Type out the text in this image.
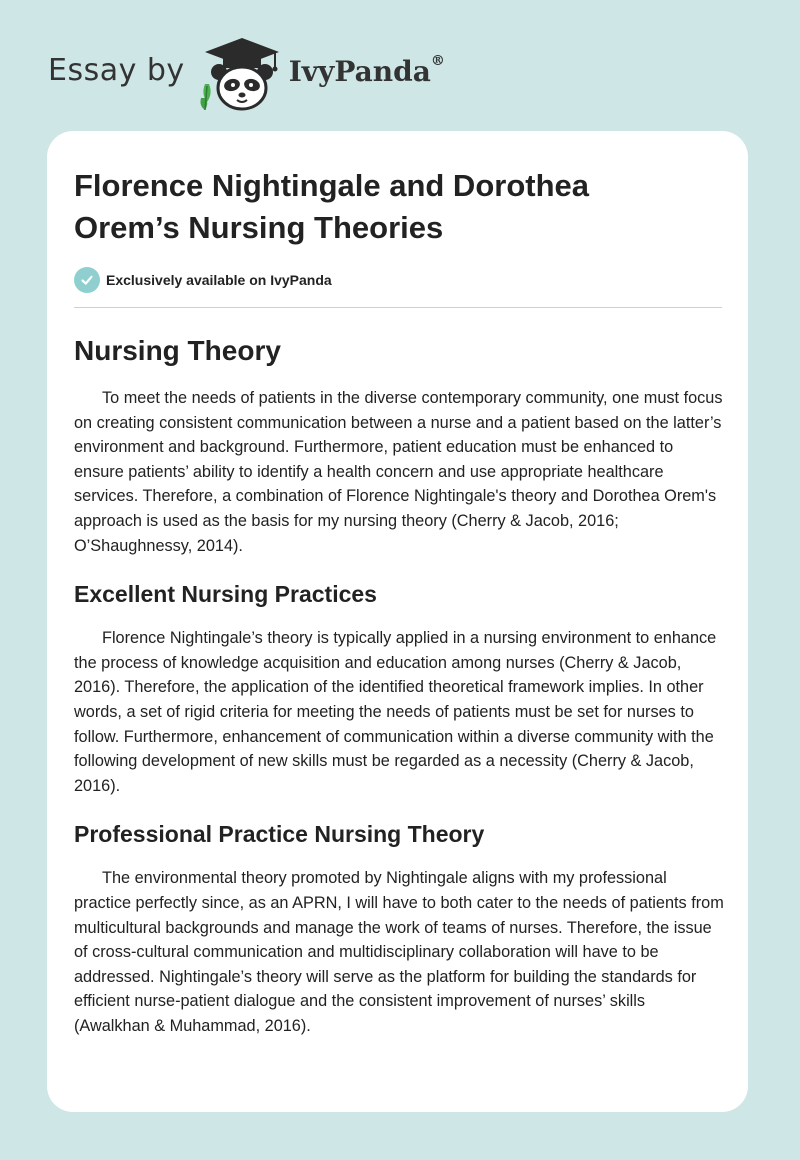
Essay by	IvyPanda®
Florence Nightingale and Dorothea Orem’s Nursing Theories
Exclusively available on IvyPanda
Nursing Theory

To meet the needs of patients in the diverse contemporary community, one must focus on creating consistent communication between a nurse and a patient based on the latter’s environment and background. Furthermore, patient education must be enhanced to ensure patients’ ability to identify a health concern and use appropriate healthcare services. Therefore, a combination of Florence Nightingale's theory and Dorothea Orem's approach is used as the basis for my nursing theory (Cherry & Jacob, 2016; O’Shaughnessy, 2014).

Excellent Nursing Practices

Florence Nightingale’s theory is typically applied in a nursing environment to enhance the process of knowledge acquisition and education among nurses (Cherry & Jacob, 2016). Therefore, the application of the identified theoretical framework implies. In other words, a set of rigid criteria for meeting the needs of patients must be set for nurses to follow. Furthermore, enhancement of communication within a diverse community with the following development of new skills must be regarded as a necessity (Cherry & Jacob, 2016).

Professional Practice Nursing Theory

The environmental theory promoted by Nightingale aligns with my professional practice perfectly since, as an APRN, I will have to both cater to the needs of patients from multicultural backgrounds and manage the work of teams of nurses. Therefore, the issue of cross-cultural communication and multidisciplinary collaboration will have to be addressed. Nightingale’s theory will serve as the platform for building the standards for efficient nurse-patient dialogue and the consistent improvement of nurses’ skills (Awalkhan & Muhammad, 2016).
